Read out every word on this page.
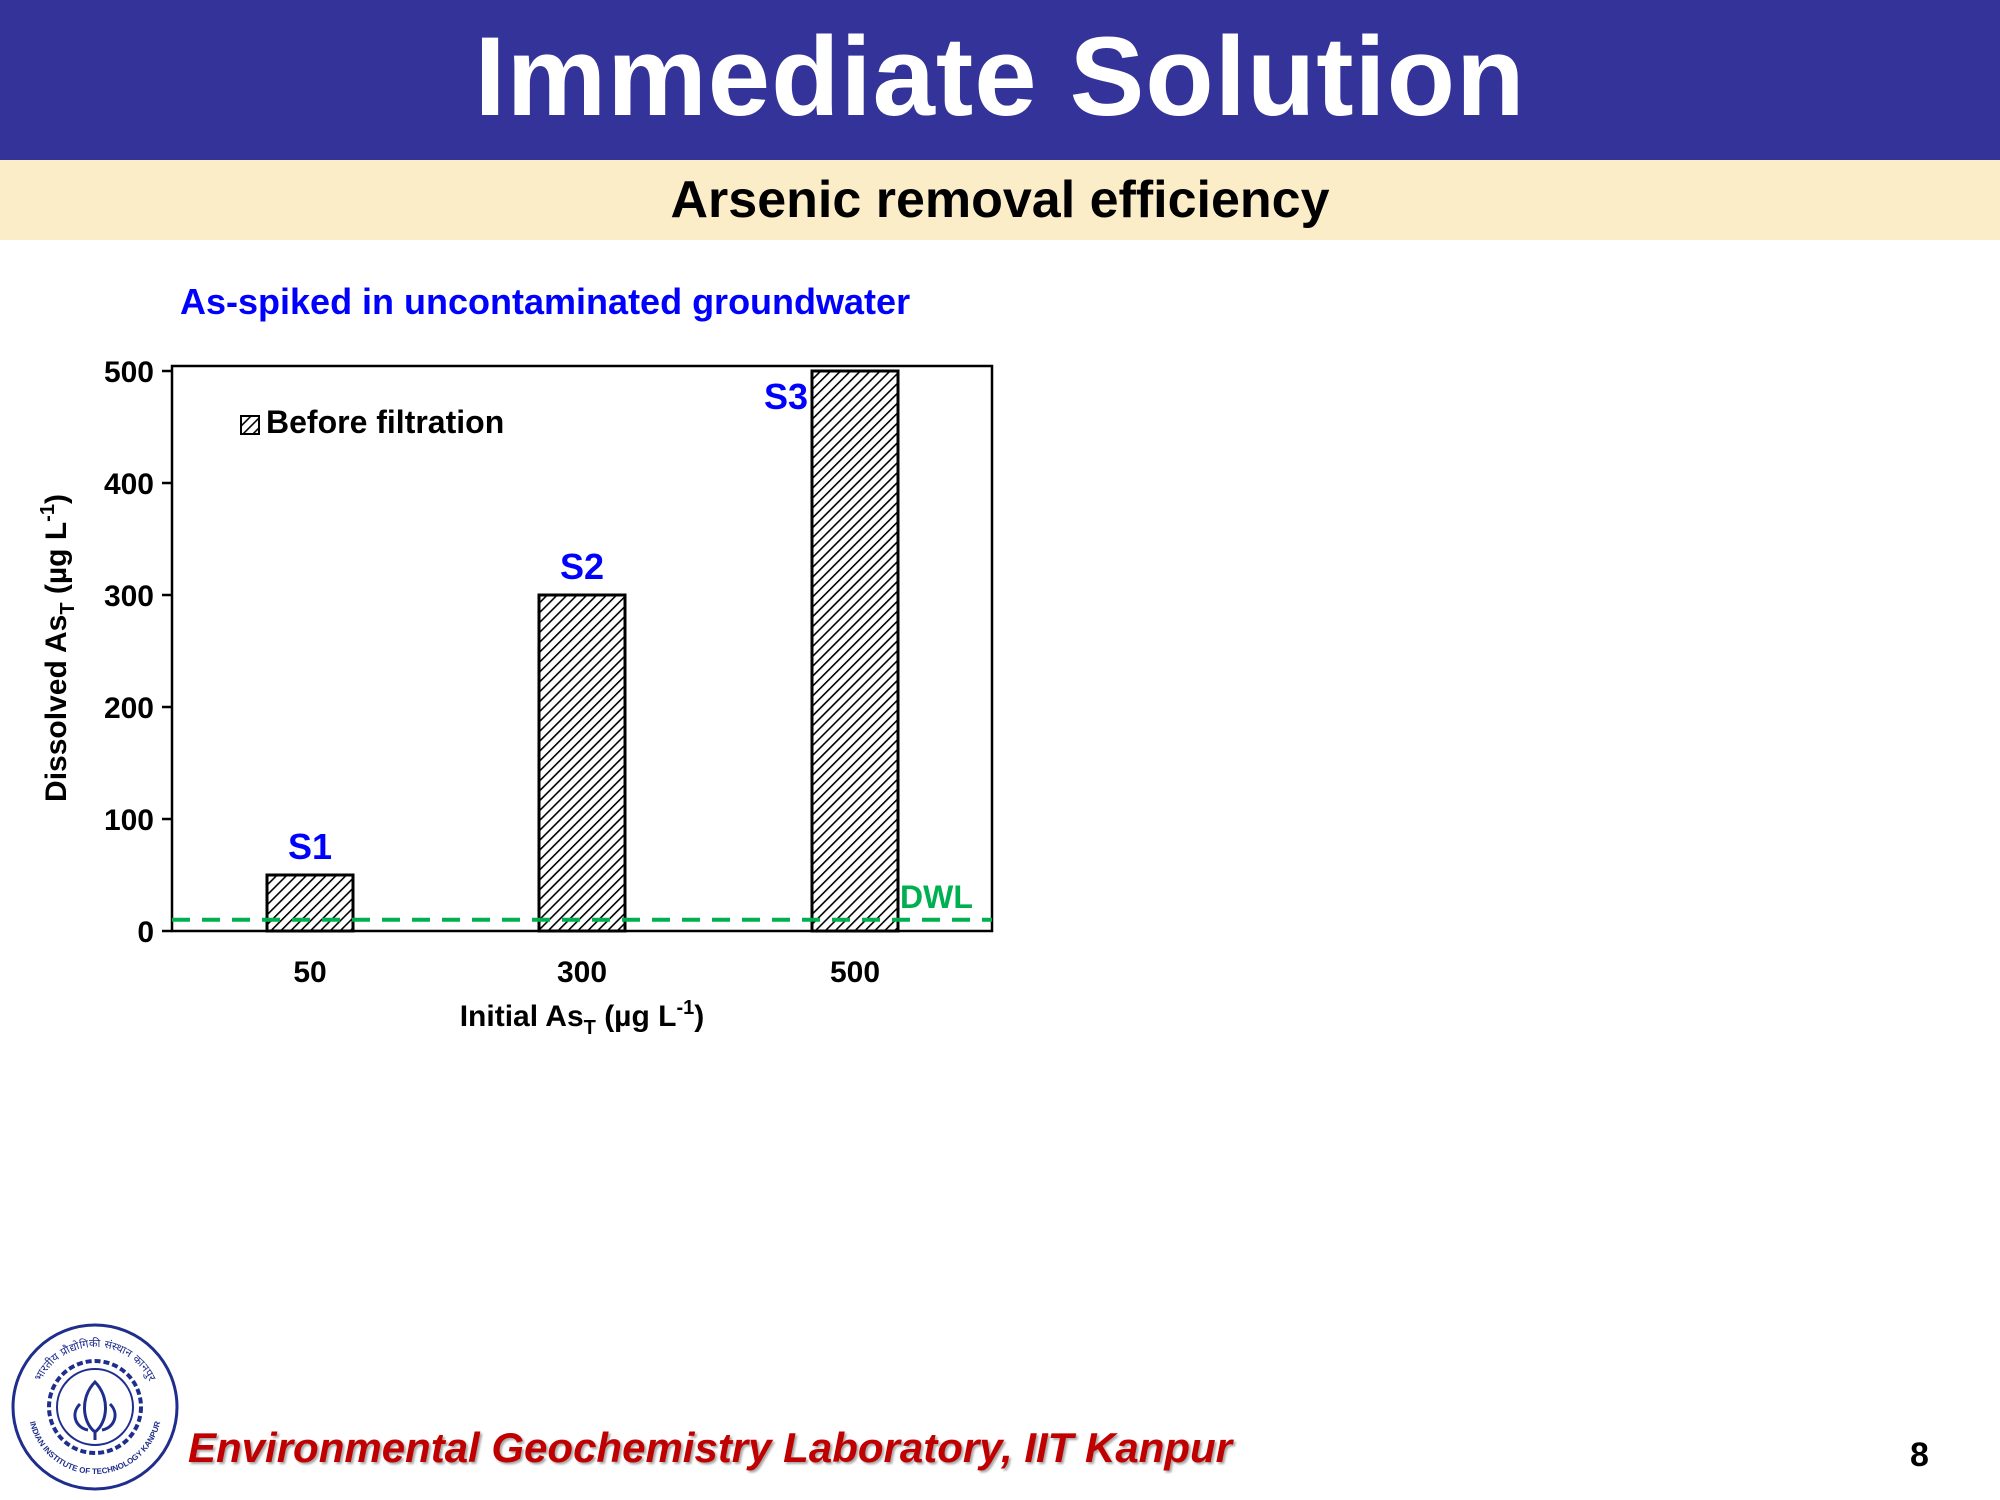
Immediate Solution
Arsenic removal efficiency
As-spiked in uncontaminated groundwater
0
100
200
300
400
500
50	300	500
S1
S2
S3
DWL
Before filtration
Initial $As_T$ (µg $L^{-1}$)
Dissolved $As_T$ (µg $L^{-1}$)
भारतीय प्रौद्योगिकी संस्थान कानपुर
INDIAN INSTITUTE OF TECHNOLOGY KANPUR Environmental Geochemistry Laboratory, IIT Kanpur	8
